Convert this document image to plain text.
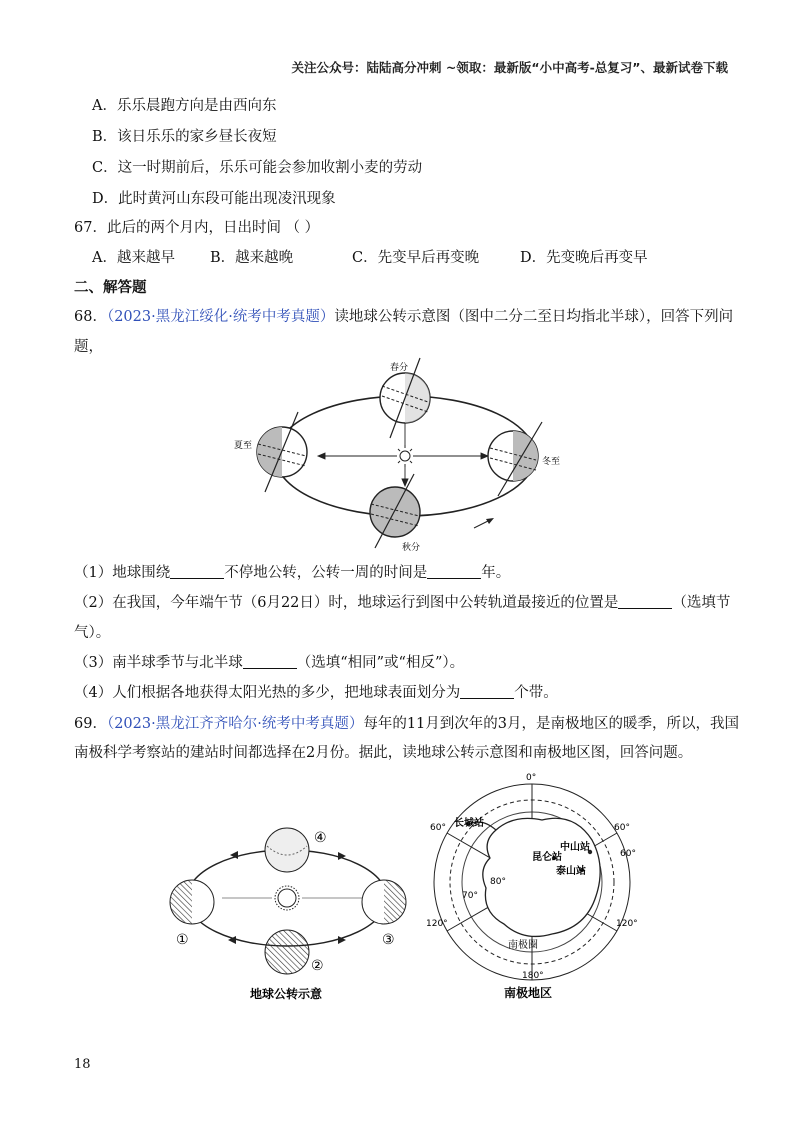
关注公众号：陆陆高分冲刺 ~领取：最新版“小中高考-总复习”、最新试卷下载
A．乐乐晨跑方向是由西向东
B．该日乐乐的家乡昼长夜短
C．这一时期前后，乐乐可能会参加收割小麦的劳动
D．此时黄河山东段可能出现凌汛现象
67．此后的两个月内，日出时间 （ ）
A．越来越早 B．越来越晚	C．先变早后再变晚	D．先变晚后再变早
二、解答题
68．（2023·黑龙江绥化·统考中考真题）读地球公转示意图（图中二分二至日均指北半球），回答下列问
题，
春分
夏至
冬至
秋分
（1）地球围绕	不停地公转，公转一周的时间是	年。
（2）在我国，今年端午节（6月22日）时，地球运行到图中公转轨道最接近的位置是	（选填节
气）。
（3）南半球季节与北半球	（选填“相同”或“相反”）。
（4）人们根据各地获得太阳光热的多少，把地球表面划分为	个带。
69．（2023·黑龙江齐齐哈尔·统考中考真题）每年的11月到次年的3月，是南极地区的暖季，所以，我国
南极科学考察站的建站时间都选择在2月份。据此，读地球公转示意图和南极地区图，回答问题。
④
①	③
②
地球公转示意
长城站
中山站
昆仑站
泰山站
0°
60°	60°
60°
80°
70°
120°	120°
180°
南极圈
南极地区
18
